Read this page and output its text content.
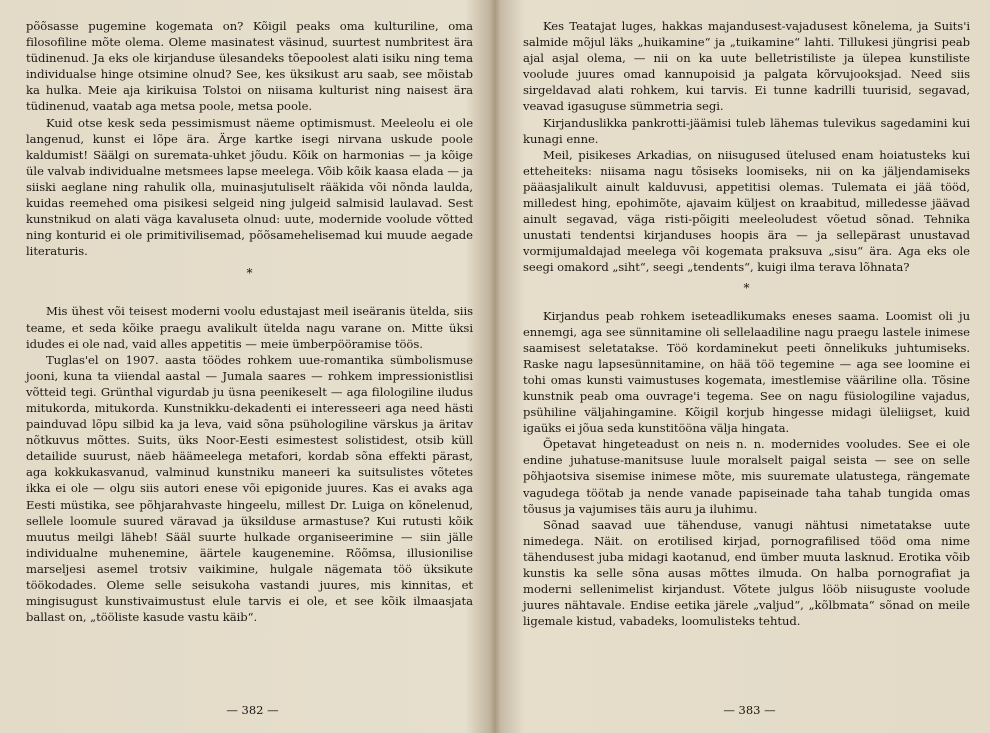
põõsasse pugemine kogemata on? Kõigil peaks oma kulturiline, oma filosofiline mõte olema. Oleme masinatest väsinud, suurtest numbritest ära tüdinenud. Ja eks ole kirjanduse ülesandeks tõepoolest alati isiku ning tema individualse hinge otsimine olnud? See, kes üksikust aru saab, see mõistab ka hulka. Meie aja kirikuisa Tolstoi on niisama kulturist ning naisest ära tüdinenud, vaatab aga metsa poole, metsa poole.

Kuid otse kesk seda pessimismust näeme optimismust. Meeleolu ei ole langenud, kunst ei lõpe ära. Ärge kartke isegi nirvana uskude poole kaldumist! Säälgi on suremata-uhket jõudu. Kõik on harmonias — ja kõige üle valvab individualne metsmees lapse meelega. Võib kõik kaasa elada — ja siiski aeglane ning rahulik olla, muinasjutuliselt rääkida või nõnda laulda, kuidas reemehed oma pisikesi selgeid ning julgeid salmisid laulavad. Sest kunstnikud on alati väga kavaluseta olnud: uute, modernide voolude võtted ning konturid ei ole primitivilisemad, põõsamehelisemad kui muude aegade literaturis.

*

Mis ühest või teisest moderni voolu edustajast meil iseäranis ütelda, siis teame, et seda kõike praegu avalikult ütelda nagu varane on. Mitte üksi idudes ei ole nad, vaid alles appetitis — meie ümberpööramise töös.

Tuglas'el on 1907. aasta töödes rohkem uue-romantika sümbolismuse jooni, kuna ta viiendal aastal — Jumala saares — rohkem impressionistlisi võtteid tegi. Grünthal vigurdab ju üsna peenikeselt — aga filologiline iludus mitukorda, mitukorda. Kunstnikku-dekadenti ei interesseeri aga need hästi painduvad lõpu silbid ka ja leva, vaid sõna psühologiline värskus ja äritav nõtkuvus mõttes. Suits, üks Noor-Eesti esimestest solistidest, otsib küll detailide suurust, näeb häämeelega metafori, kordab sõna effekti pärast, aga kokkukasvanud, valminud kunstniku maneeri ka suitsulistes võtetes ikka ei ole — olgu siis autori enese või epigonide juures. Kas ei avaks aga Eesti müstika, see põhjarahvaste hingeelu, millest Dr. Luiga on kõnelenud, sellele loomule suured väravad ja üksilduse armastuse? Kui rutusti kõik muutus meilgi läheb! Sääl suurte hulkade organiseerimine — siin jälle individualne muhenemine, äärtele kaugenemine. Rõõmsa, illusionilise marseljesi asemel trotsiv vaikimine, hulgale nägemata töö üksikute töökodades. Oleme selle seisukoha vastandi juures, mis kinnitas, et mingisugust kunstivaimustust elule tarvis ei ole, et see kõik ilmaasjata ballast on, „tööliste kasude vastu käib“.

— 382 —

Kes Teatajat luges, hakkas majandusest-vajadusest kõnelema, ja Suits'i salmide mõjul läks „huikamine“ ja „tuikamine“ lahti. Tillukesi jüngrisi peab ajal asjal olema, — nii on ka uute belletristiliste ja ülepea kunstiliste voolude juures omad kannupoisid ja palgata kõrvujooksjad. Need siis sirgeldavad alati rohkem, kui tarvis. Ei tunne kadrilli tuurisid, segavad, veavad igasuguse sümmetria segi.

Kirjanduslikka pankrotti-jäämisi tuleb lähemas tulevikus sagedamini kui kunagi enne.

Meil, pisikeses Arkadias, on niisugused ütelused enam hoiatusteks kui etteheiteks: niisama nagu tõsiseks loomiseks, nii on ka jäljendamiseks pääasjalikult ainult kalduvusi, appetitisi olemas. Tulemata ei jää tööd, milledest hing, epohimõte, ajavaim küljest on kraabitud, milledesse jäävad ainult segavad, väga risti-põigiti meeleoludest võetud sõnad. Tehnika unustati tendentsi kirjanduses hoopis ära — ja sellepärast unustavad vormijumaldajad meelega või kogemata praksuva „sisu“ ära. Aga eks ole seegi omakord „siht“, seegi „tendents“, kuigi ilma terava lõhnata?

*

Kirjandus peab rohkem iseteadlikumaks eneses saama. Loomist oli ju ennemgi, aga see sünnitamine oli sellelaadiline nagu praegu lastele inimese saamisest seletatakse. Töö kordaminekut peeti õnnelikuks juhtumiseks. Raske nagu lapsesünnitamine, on hää töö tegemine — aga see loomine ei tohi omas kunsti vaimustuses kogemata, imestlemise vääriline olla. Tõsine kunstnik peab oma ouvrage'i tegema. See on nagu füsiologiline vajadus, psühiline väljahingamine. Kõigil korjub hingesse midagi üleliigset, kuid igaüks ei jõua seda kunstitööna välja hingata.

Õpetavat hingeteadust on neis n. n. modernides vooludes. See ei ole endine juhatuse-manitsuse luule moralselt paigal seista — see on selle põhjaotsiva sisemise inimese mõte, mis suuremate ulatustega, rängemate vagudega töötab ja nende vanade papiseinade taha tahab tungida omas tõusus ja vajumises täis auru ja iluhimu.

Sõnad saavad uue tähenduse, vanugi nähtusi nimetatakse uute nimedega. Näit. on erotilised kirjad, pornografilised tööd oma nime tähendusest juba midagi kaotanud, end ümber muuta lasknud. Erotika võib kunstis ka selle sõna ausas mõttes ilmuda. On halba pornografiat ja moderni sellenimelist kirjandust. Võtete julgus lööb niisuguste voolude juures nähtavale. Endise eetika järele „valjud“, „kõlbmata“ sõnad on meile ligemale kistud, vabadeks, loomulisteks tehtud.

— 383 —
